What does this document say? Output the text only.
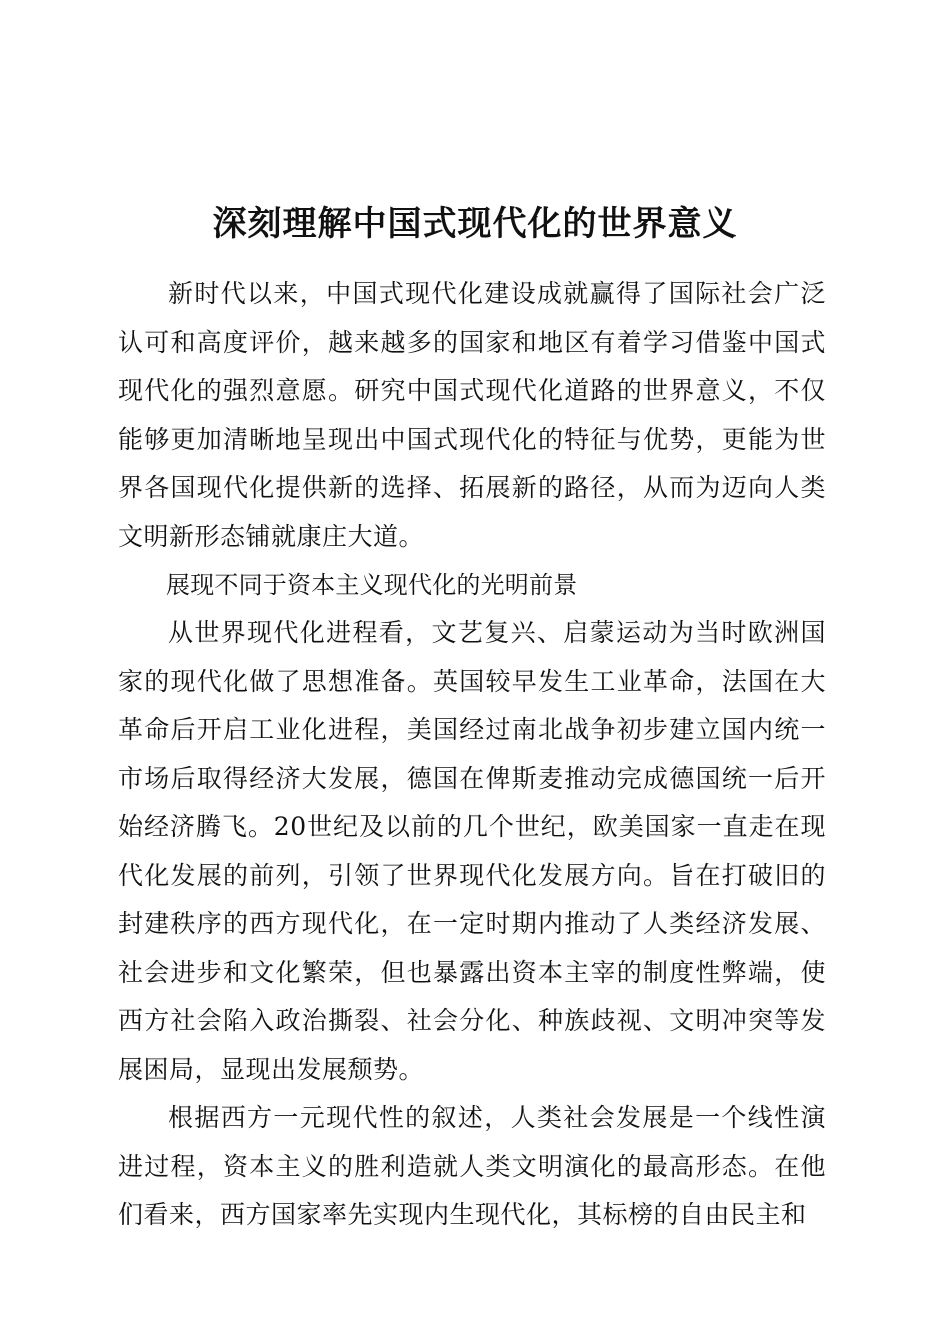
深刻理解中国式现代化的世界意义

新时代以来，中国式现代化建设成就赢得了国际社会广泛认可和高度评价，越来越多的国家和地区有着学习借鉴中国式现代化的强烈意愿。研究中国式现代化道路的世界意义，不仅能够更加清晰地呈现出中国式现代化的特征与优势，更能为世界各国现代化提供新的选择、拓展新的路径，从而为迈向人类文明新形态铺就康庄大道。

展现不同于资本主义现代化的光明前景

从世界现代化进程看，文艺复兴、启蒙运动为当时欧洲国家的现代化做了思想准备。英国较早发生工业革命，法国在大革命后开启工业化进程，美国经过南北战争初步建立国内统一市场后取得经济大发展，德国在俾斯麦推动完成德国统一后开始经济腾飞。20世纪及以前的几个世纪，欧美国家一直走在现代化发展的前列，引领了世界现代化发展方向。旨在打破旧的封建秩序的西方现代化，在一定时期内推动了人类经济发展、社会进步和文化繁荣，但也暴露出资本主宰的制度性弊端，使西方社会陷入政治撕裂、社会分化、种族歧视、文明冲突等发展困局，显现出发展颓势。

根据西方一元现代性的叙述，人类社会发展是一个线性演进过程，资本主义的胜利造就人类文明演化的最高形态。在他们看来，西方国家率先实现内生现代化，其标榜的自由民主和
